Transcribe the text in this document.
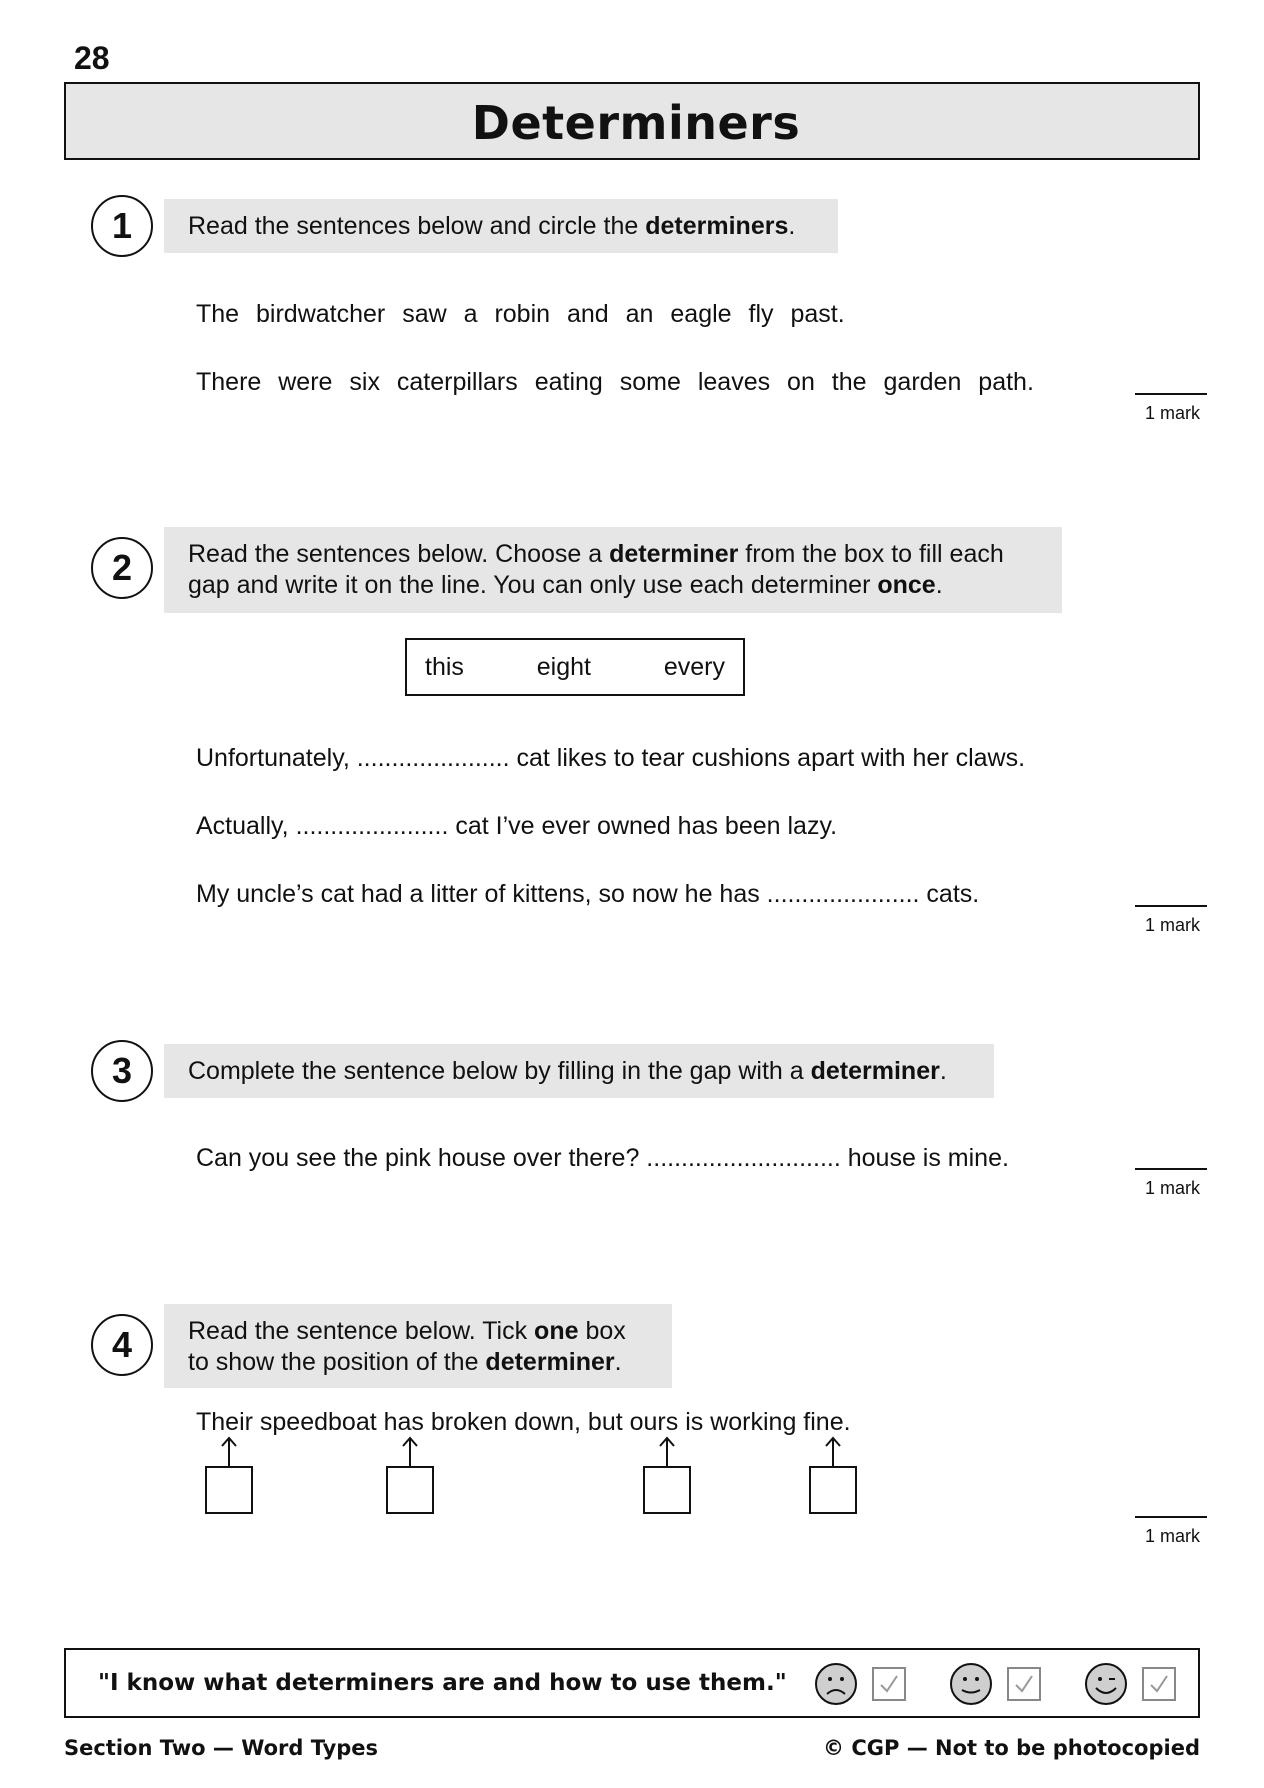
28
Determiners
1	Read the sentences below and circle the determiners.
The birdwatcher saw a robin and an eagle fly past.
There were six caterpillars eating some leaves on the garden path.
1 mark
2	Read the sentences below. Choose a determiner from the box to fill each
gap and write it on the line. You can only use each determiner once.
this	eight	every
Unfortunately, ...................... cat likes to tear cushions apart with her claws.
Actually, ...................... cat I’ve ever owned has been lazy.
My uncle’s cat had a litter of kittens, so now he has ...................... cats.
1 mark
3	Complete the sentence below by filling in the gap with a determiner.
Can you see the pink house over there? ............................ house is mine.
1 mark
4	Read the sentence below. Tick one box
to show the position of the determiner.
Their speedboat has broken down, but ours is working fine.
1 mark
"I know what determiners are and how to use them."
Section Two — Word Types	© CGP — Not to be photocopied
